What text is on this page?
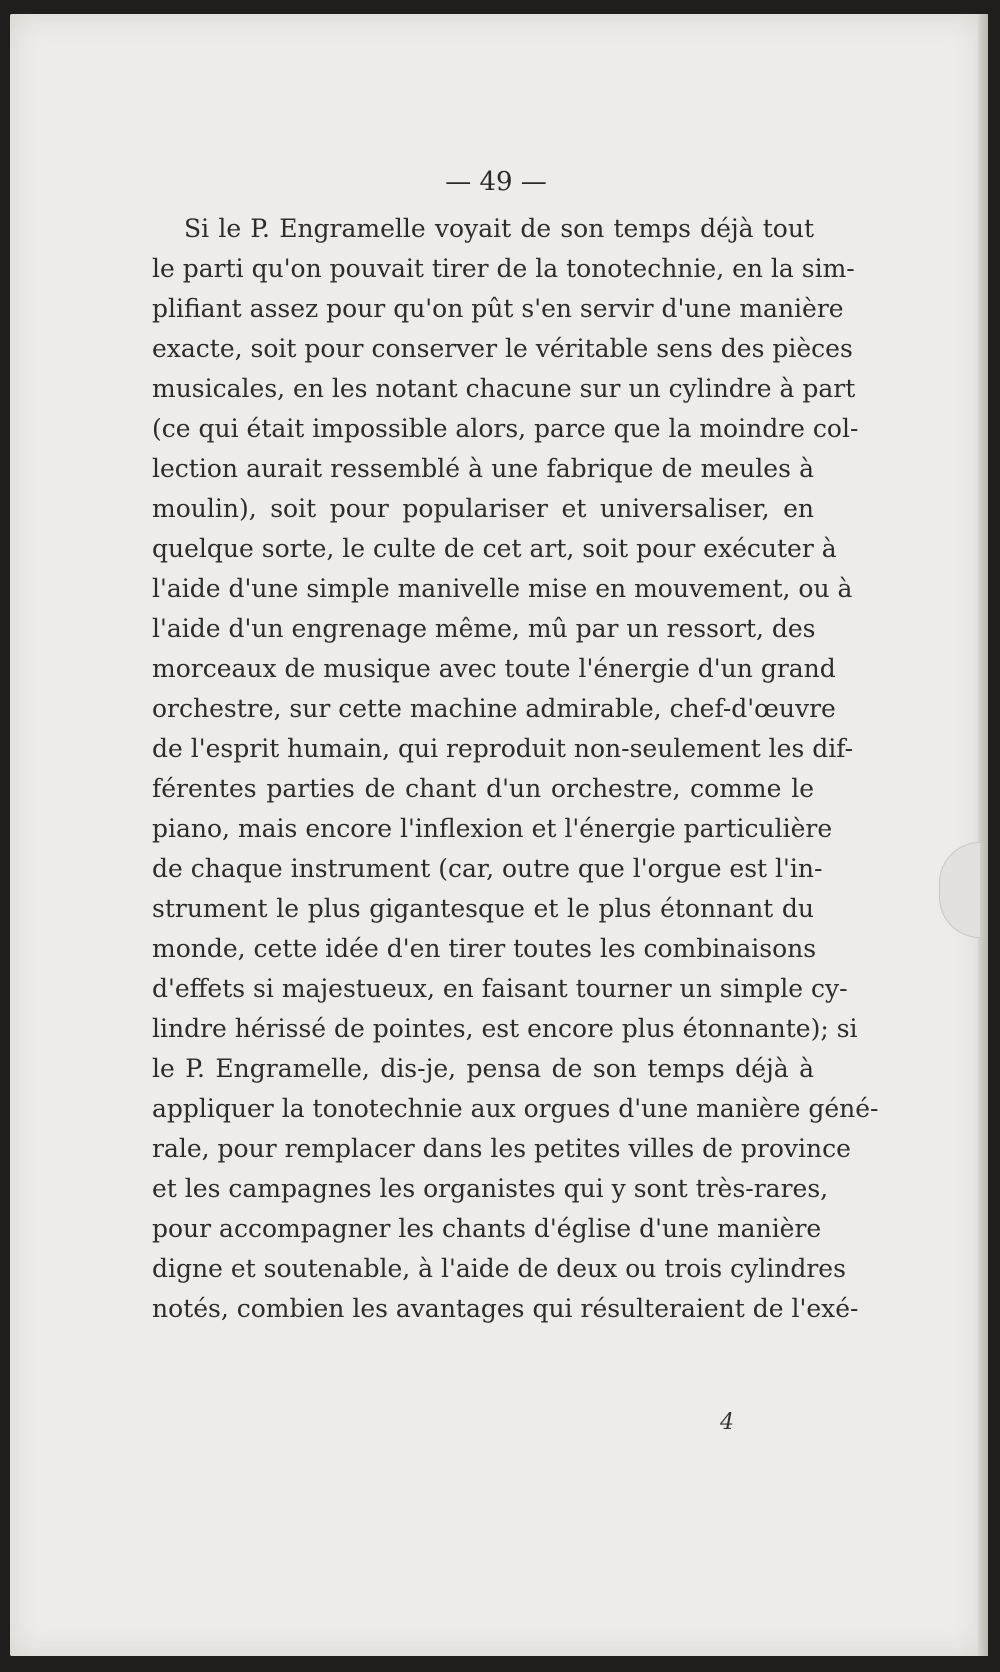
— 49 —
Si le P. Engramelle voyait de son temps déjà tout
le parti qu'on pouvait tirer de la tonotechnie, en la sim-
plifiant assez pour qu'on pût s'en servir d'une manière
exacte, soit pour conserver le véritable sens des pièces
musicales, en les notant chacune sur un cylindre à part
(ce qui était impossible alors, parce que la moindre col-
lection aurait ressemblé à une fabrique de meules à
moulin), soit pour populariser et universaliser, en
quelque sorte, le culte de cet art, soit pour exécuter à
l'aide d'une simple manivelle mise en mouvement, ou à
l'aide d'un engrenage même, mû par un ressort, des
morceaux de musique avec toute l'énergie d'un grand
orchestre, sur cette machine admirable, chef-d'œuvre
de l'esprit humain, qui reproduit non-seulement les dif-
férentes parties de chant d'un orchestre, comme le
piano, mais encore l'inflexion et l'énergie particulière
de chaque instrument (car, outre que l'orgue est l'in-
strument le plus gigantesque et le plus étonnant du
monde, cette idée d'en tirer toutes les combinaisons
d'effets si majestueux, en faisant tourner un simple cy-
lindre hérissé de pointes, est encore plus étonnante); si
le P. Engramelle, dis-je, pensa de son temps déjà à
appliquer la tonotechnie aux orgues d'une manière géné-
rale, pour remplacer dans les petites villes de province
et les campagnes les organistes qui y sont très-rares,
pour accompagner les chants d'église d'une manière
digne et soutenable, à l'aide de deux ou trois cylindres
notés, combien les avantages qui résulteraient de l'exé-
4
